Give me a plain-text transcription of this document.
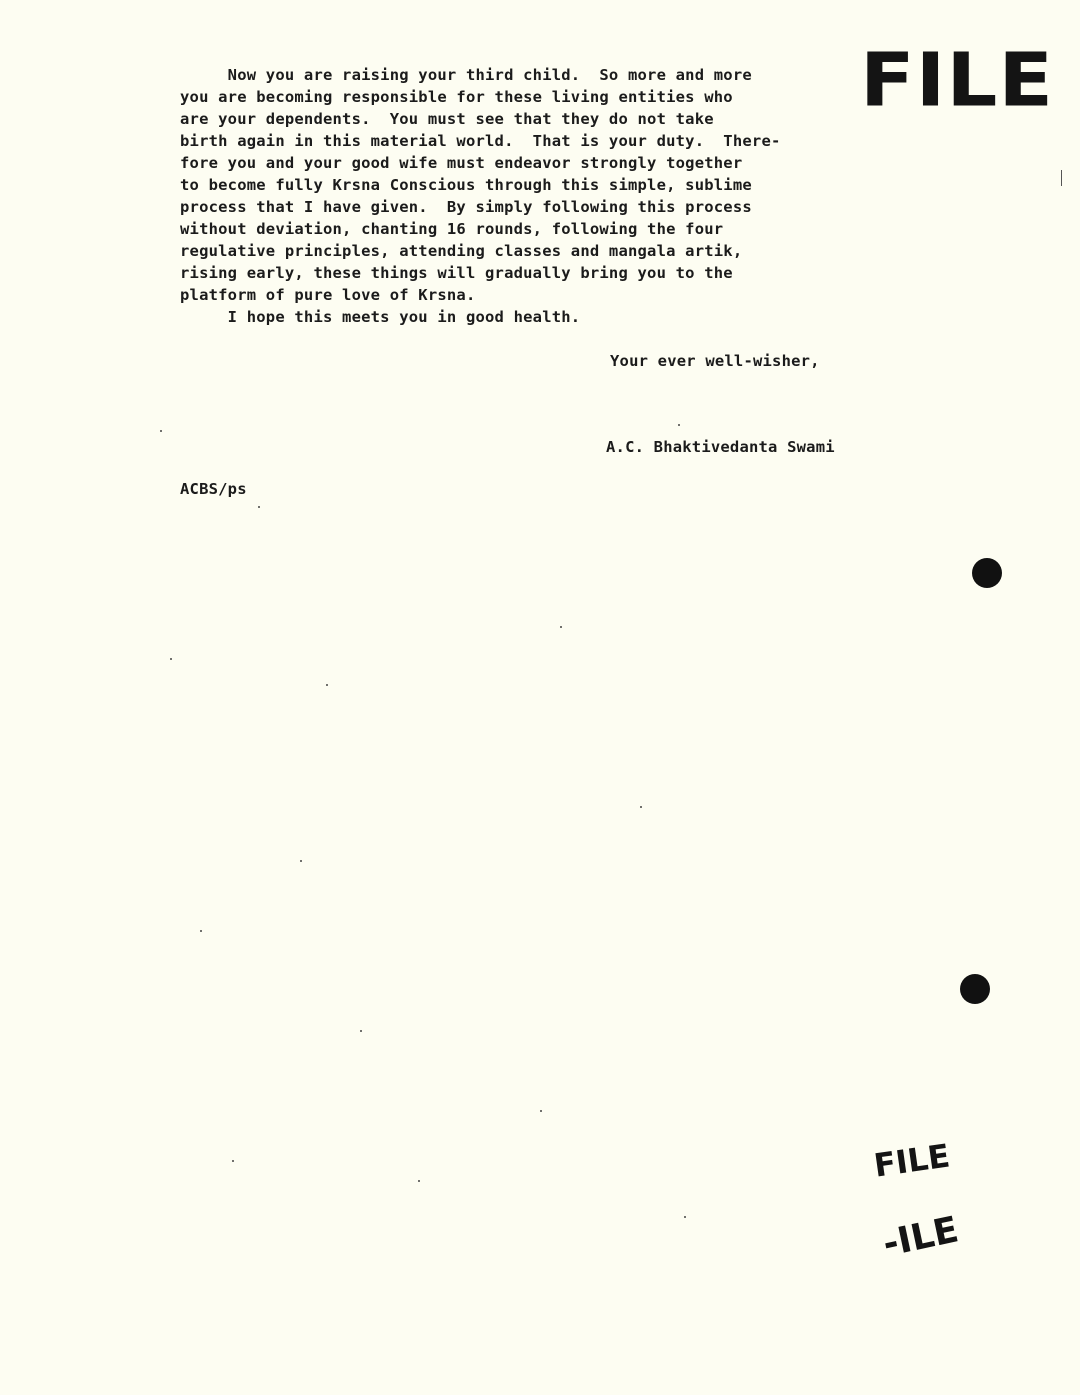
FILE
Now you are raising your third child.  So more and more
you are becoming responsible for these living entities who
are your dependents.  You must see that they do not take
birth again in this material world.  That is your duty.  There-
fore you and your good wife must endeavor strongly together
to become fully Krsna Conscious through this simple, sublime
process that I have given.  By simply following this process
without deviation, chanting 16 rounds, following the four
regulative principles, attending classes and mangala artik,
rising early, these things will gradually bring you to the
platform of pure love of Krsna.
I hope this meets you in good health.
Your ever well-wisher,
A.C. Bhaktivedanta Swami
ACBS/ps
FILE
-ILE
